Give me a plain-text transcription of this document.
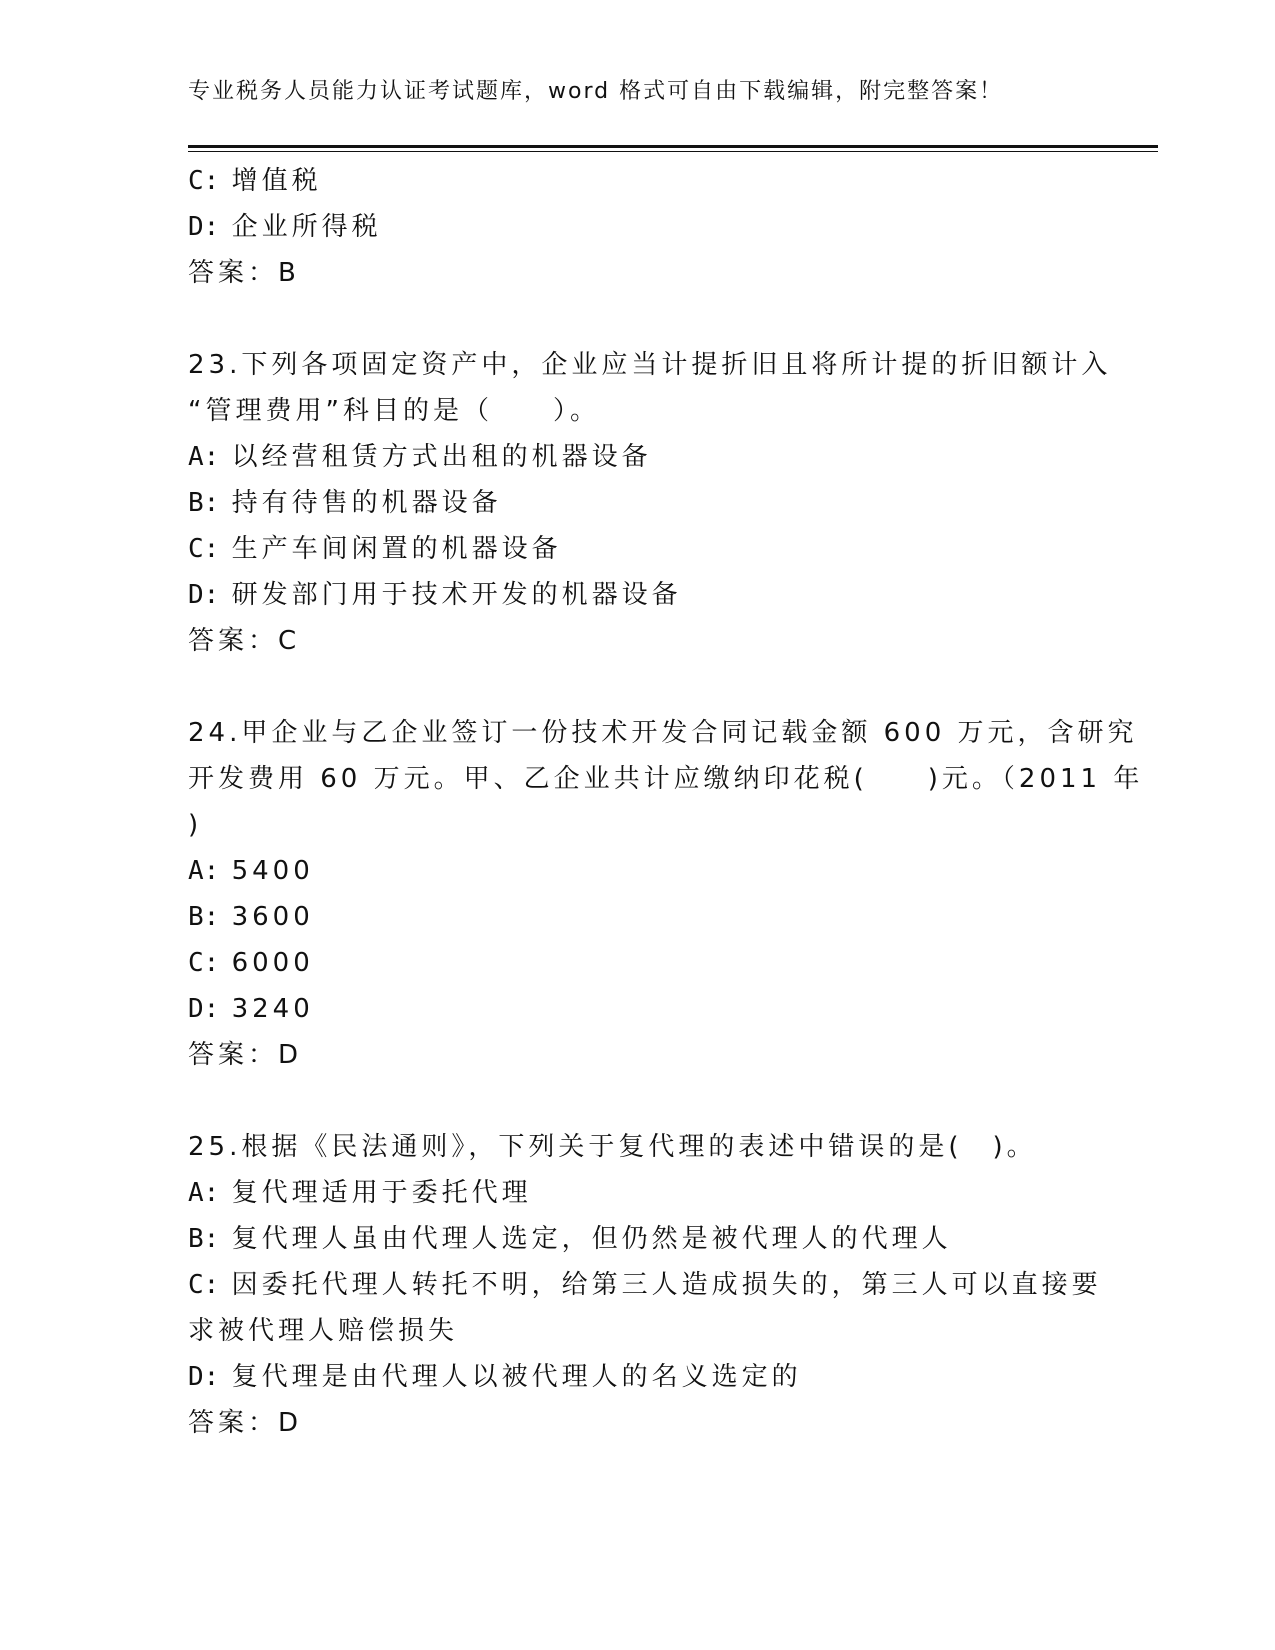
专业税务人员能力认证考试题库，word 格式可自由下载编辑，附完整答案！
C: 增值税
D: 企业所得税
答案：B
23.下列各项固定资产中，企业应当计提折旧且将所计提的折旧额计入
“管理费用”科目的是（　　）。
A: 以经营租赁方式出租的机器设备
B: 持有待售的机器设备
C: 生产车间闲置的机器设备
D: 研发部门用于技术开发的机器设备
答案：C
24.甲企业与乙企业签订一份技术开发合同记载金额 600 万元，含研究
开发费用 60 万元。甲、乙企业共计应缴纳印花税(　　)元。（2011 年
)
A: 5400
B: 3600
C: 6000
D: 3240
答案：D
25.根据《民法通则》，下列关于复代理的表述中错误的是(　)。
A: 复代理适用于委托代理
B: 复代理人虽由代理人选定，但仍然是被代理人的代理人
C: 因委托代理人转托不明，给第三人造成损失的，第三人可以直接要
求被代理人赔偿损失
D: 复代理是由代理人以被代理人的名义选定的
答案：D
